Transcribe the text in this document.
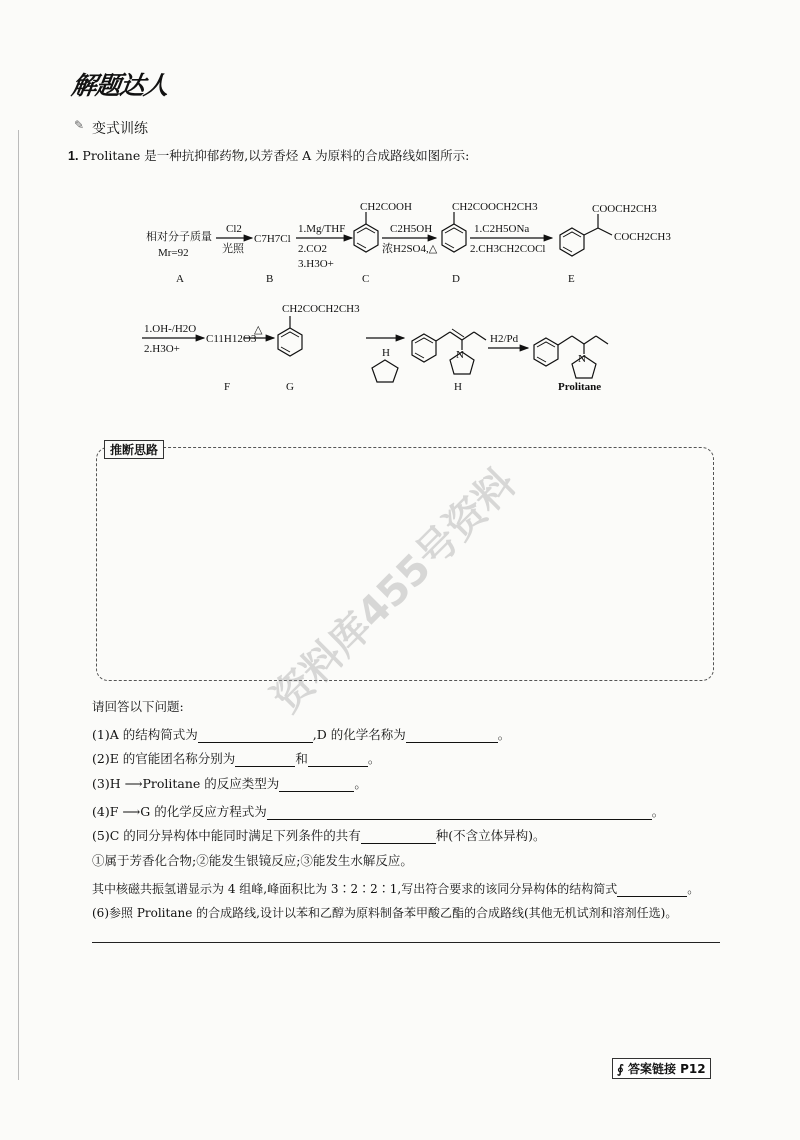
解题达人
✎ 变式训练
1. Prolitane 是一种抗抑郁药物,以芳香烃 A 为原料的合成路线如图所示:
相对分子质量
Mr=92
A
Cl2
光照
C7H7Cl
B
1.Mg/THF
2.CO2
3.H3O+
CH2COOH
C
C2H5OH
浓H2SO4,△
CH2COOCH2CH3
D
1.C2H5ONa
2.CH3CH2COCl
COOCH2CH3
COCH2CH3
E
1.OH-/H2O
2.H3O+
C11H12O3
F
△
CH2COCH2CH3
G
H	N
H
H2/Pd
N
Prolitane
推断思路
资料库455号资料
请回答以下问题:
(1)A 的结构简式为	,D 的化学名称为	。
(2)E 的官能团名称分别为	和	。
(3)H ⟶Prolitane 的反应类型为	。
(4)F ⟶G 的化学反应方程式为	。
(5)C 的同分异构体中能同时满足下列条件的共有	种(不含立体异构)。
①属于芳香化合物;②能发生银镜反应;③能发生水解反应。
其中核磁共振氢谱显示为 4 组峰,峰面积比为 3∶2∶2∶1,写出符合要求的该同分异构体的结构简式	。
(6)参照 Prolitane 的合成路线,设计以苯和乙醇为原料制备苯甲酸乙酯的合成路线(其他无机试剂和溶剂任选)。
∮ 答案链接 P12
